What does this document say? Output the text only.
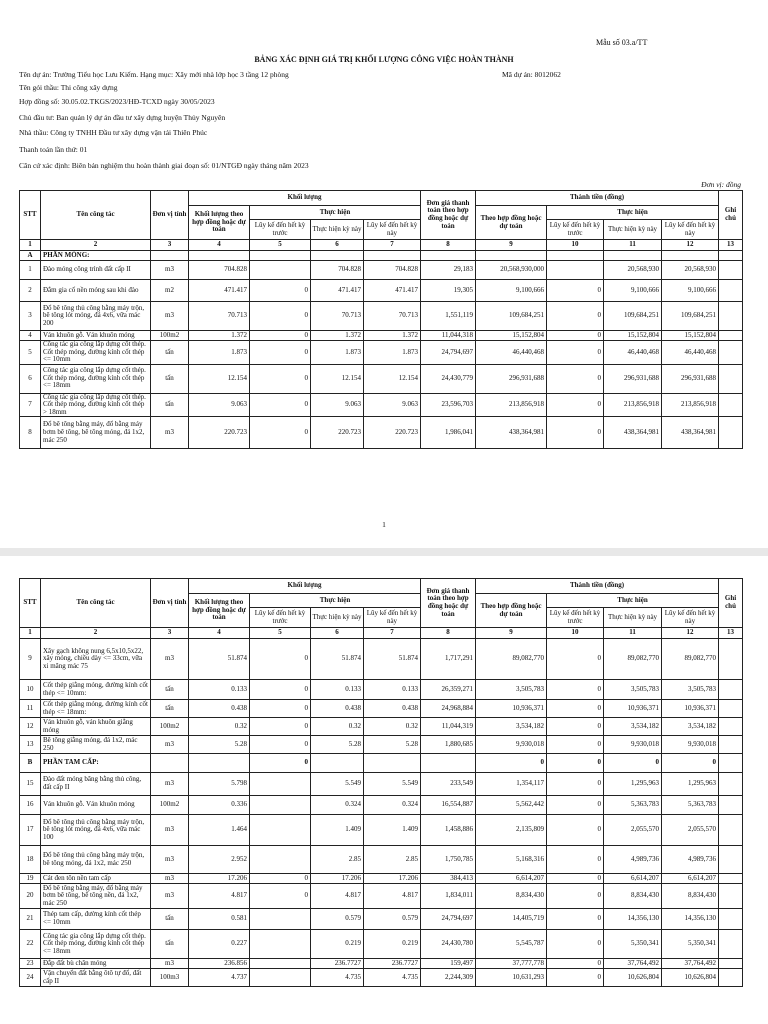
Mẫu số 03.a/TT
BẢNG XÁC ĐỊNH GIÁ TRỊ KHỐI LƯỢNG CÔNG VIỆC HOÀN THÀNH
Tên dự án: Trường Tiểu học Lưu Kiếm. Hạng mục: Xây mới nhà lớp học 3 tầng 12 phòng	Mã dự án: 8012062
Tên gói thầu: Thi công xây dựng
Hợp đồng số: 30.05.02.TKGS/2023/HĐ-TCXD ngày 30/05/2023
Chủ đầu tư: Ban quản lý dự án đầu tư xây dựng huyện Thủy Nguyên
Nhà thầu: Công ty TNHH Đầu tư xây dựng vận tải Thiên Phúc
Thanh toán lần thứ: 01
Căn cứ xác định: Biên bản nghiệm thu hoàn thành giai đoạn số: 01/NTGĐ ngày tháng năm 2023
Đơn vị: đồng
STT	Tên công tác	Đơn vị tính	Khối lượng				Đơn giá thanh toán theo hợp đồng hoặc dự toán	Thành tiền (đồng)				Ghi chú
			Khối lượng theo hợp đồng hoặc dự toán	Thực hiện				Theo hợp đồng hoặc dự toán	Thực hiện			
				Lũy kế đến hết kỳ trước	Thực hiện kỳ này	Lũy kế đến hết kỳ này			Lũy kế đến hết kỳ trước	Thực hiện kỳ này	Lũy kế đến hết kỳ này	
1	2	3	4	5	6	7	8	9	10	11	12	13
A	PHẦN MÓNG:											
1	Đào móng công trình đất cấp II	m3	704.828		704.828	704.828	29,183	20,568,930,000		20,568,930	20,568,930	
2	Đắm gia cố nền móng sau khi đào	m2	471.417	0	471.417	471.417	19,305	9,100,666	0	9,100,666	9,100,666	
3	Đổ bê tông thủ công bằng máy trộn, bê tông lót móng, đá 4x6, vữa mác 200	m3	70.713	0	70.713	70.713	1,551,119	109,684,251	0	109,684,251	109,684,251	
4	Ván khuôn gỗ. Ván khuôn móng	100m2	1.372	0	1.372	1.372	11,044,318	15,152,804	0	15,152,804	15,152,804	
5	Công tác gia công lắp dựng cốt thép. Cốt thép móng, đường kính cốt thép <= 10mm	tấn	1.873	0	1.873	1.873	24,794,697	46,440,468	0	46,440,468	46,440,468	
6	Công tác gia công lắp dựng cốt thép. Cốt thép móng, đường kính cốt thép <= 18mm	tấn	12.154	0	12.154	12.154	24,430,779	296,931,688	0	296,931,688	296,931,688	
7	Công tác gia công lắp dựng cốt thép. Cốt thép móng, đường kính cốt thép > 18mm	tấn	9.063	0	9.063	9.063	23,596,703	213,856,918	0	213,856,918	213,856,918	
8	Đổ bê tông bằng máy, đổ bằng máy bơm bê tông, bê tông móng, đá 1x2, mác 250	m3	220.723	0	220.723	220.723	1,986,041	438,364,981	0	438,364,981	438,364,981	
1
STT	Tên công tác	Đơn vị tính	Khối lượng				Đơn giá thanh toán theo hợp đồng hoặc dự toán	Thành tiền (đồng)				Ghi chú
			Khối lượng theo hợp đồng hoặc dự toán	Thực hiện				Theo hợp đồng hoặc dự toán	Thực hiện			
				Lũy kế đến hết kỳ trước	Thực hiện kỳ này	Lũy kế đến hết kỳ này			Lũy kế đến hết kỳ trước	Thực hiện kỳ này	Lũy kế đến hết kỳ này	
1	2	3	4	5	6	7	8	9	10	11	12	13
9	Xây gạch không nung 6,5x10,5x22, xây móng, chiều dày <= 33cm, vữa xi măng mác 75	m3	51.874	0	51.874	51.874	1,717,291	89,082,770	0	89,082,770	89,082,770	
10	Cốt thép giằng móng, đường kính cốt thép <= 10mm:	tấn	0.133	0	0.133	0.133	26,359,271	3,505,783	0	3,505,783	3,505,783	
11	Cốt thép giằng móng, đường kính cốt thép <= 18mm:	tấn	0.438	0	0.438	0.438	24,968,884	10,936,371	0	10,936,371	10,936,371	
12	Ván khuôn gỗ, ván khuôn giằng móng	100m2	0.32	0	0.32	0.32	11,044,319	3,534,182	0	3,534,182	3,534,182	
13	Bê tông giằng móng, đá 1x2, mác 250	m3	5.28	0	5.28	5.28	1,880,685	9,930,018	0	9,930,018	9,930,018	
B	PHẦN TAM CẤP:			0				0	0	0	0	
15	Đào đất móng băng bằng thủ công, đất cấp II	m3	5.798		5.549	5.549	233,549	1,354,117	0	1,295,963	1,295,963	
16	Ván khuôn gỗ. Ván khuôn móng	100m2	0.336		0.324	0.324	16,554,887	5,562,442	0	5,363,783	5,363,783	
17	Đổ bê tông thủ công bằng máy trộn, bê tông lót móng, đá 4x6, vữa mác 100	m3	1.464		1.409	1.409	1,458,886	2,135,809	0	2,055,570	2,055,570	
18	Đổ bê tông thủ công bằng máy trộn, bê tông móng, đá 1x2, mác 250	m3	2.952		2.85	2.85	1,750,785	5,168,316	0	4,989,736	4,989,736	
19	Cát đen tôn nền tam cấp	m3	17.206	0	17.206	17.206	384,413	6,614,207	0	6,614,207	6,614,207	
20	Đổ bê tông bằng máy, đổ bằng máy bơm bê tông, bê tông nền, đá 1x2, mác 250	m3	4.817	0	4.817	4.817	1,834,011	8,834,430	0	8,834,430	8,834,430	
21	Thép tam cấp, đường kính cốt thép <= 10mm	tấn	0.581		0.579	0.579	24,794,697	14,405,719	0	14,356,130	14,356,130	
22	Công tác gia công lắp dựng cốt thép. Cốt thép móng, đường kính cốt thép <= 18mm	tấn	0.227		0.219	0.219	24,430,780	5,545,787	0	5,350,341	5,350,341	
23	Đắp đất bù chân móng	m3	236.856		236.7727	236.7727	159,497	37,777,778	0	37,764,492	37,764,492	
24	Vận chuyển đất bằng ôtô tự đổ, đất cấp II	100m3	4.737		4.735	4.735	2,244,309	10,631,293	0	10,626,804	10,626,804	
